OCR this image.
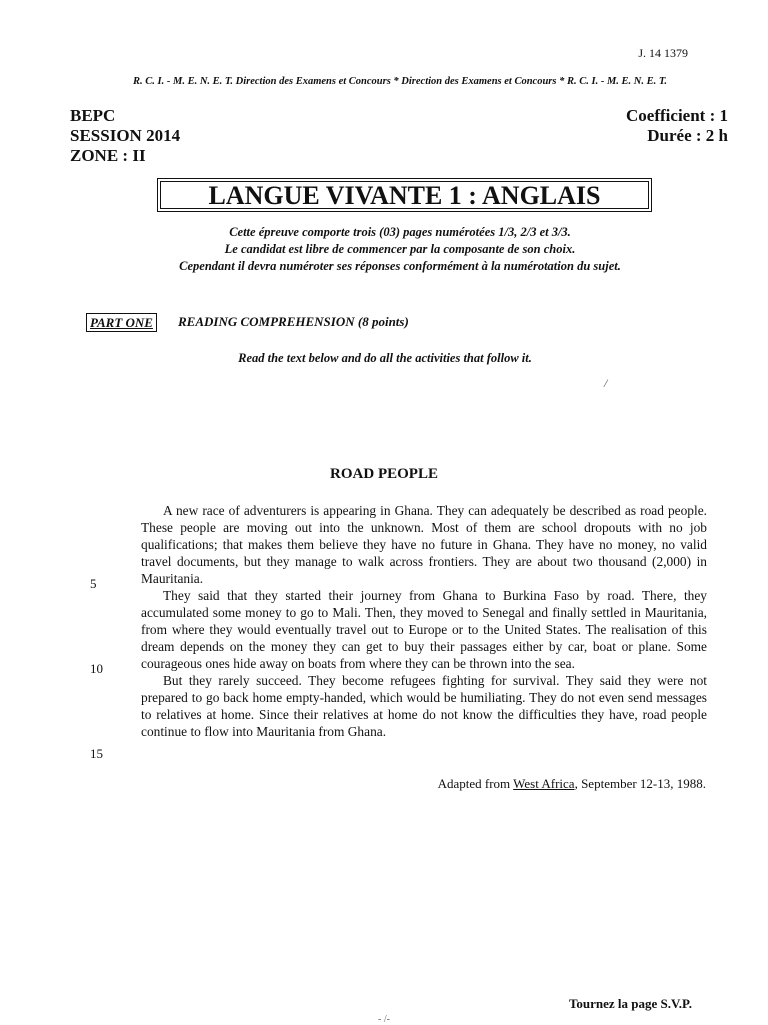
J. 14 1379
R. C. I. - M. E. N. E. T. Direction des Examens et Concours * Direction des Examens et Concours * R. C. I. - M. E. N. E. T.
BEPC
SESSION 2014
ZONE : II
Coefficient : 1
Durée : 2 h
LANGUE VIVANTE 1 : ANGLAIS
Cette épreuve comporte trois (03) pages numérotées 1/3, 2/3 et 3/3.
Le candidat est libre de commencer par la composante de son choix.
Cependant il devra numéroter ses réponses conformément à la numérotation du sujet.
PART ONE	READING COMPREHENSION (8 points)
Read the text below and do all the activities that follow it.
/
ROAD PEOPLE

A new race of adventurers is appearing in Ghana. They can adequately be described as road people. These people are moving out into the unknown. Most of them are school dropouts with no job qualifications; that makes them believe they have no future in Ghana. They have no money, no valid travel documents, but they manage to walk across frontiers. They are about two thousand (2,000) in Mauritania.

They said that they started their journey from Ghana to Burkina Faso by road. There, they accumulated some money to go to Mali. Then, they moved to Senegal and finally settled in Mauritania, from where they would eventually travel out to Europe or to the United States. The realisation of this dream depends on the money they can get to buy their passages either by car, boat or plane. Some courageous ones hide away on boats from where they can be thrown into the sea.

But they rarely succeed. They become refugees fighting for survival. They said they were not prepared to go back home empty-handed, which would be humiliating. They do not even send messages to relatives at home. Since their relatives at home do not know the difficulties they have, road people continue to flow into Mauritania from Ghana.

5
10
15
Adapted from West Africa, September 12-13, 1988.
Tournez la page S.V.P.
- /-
